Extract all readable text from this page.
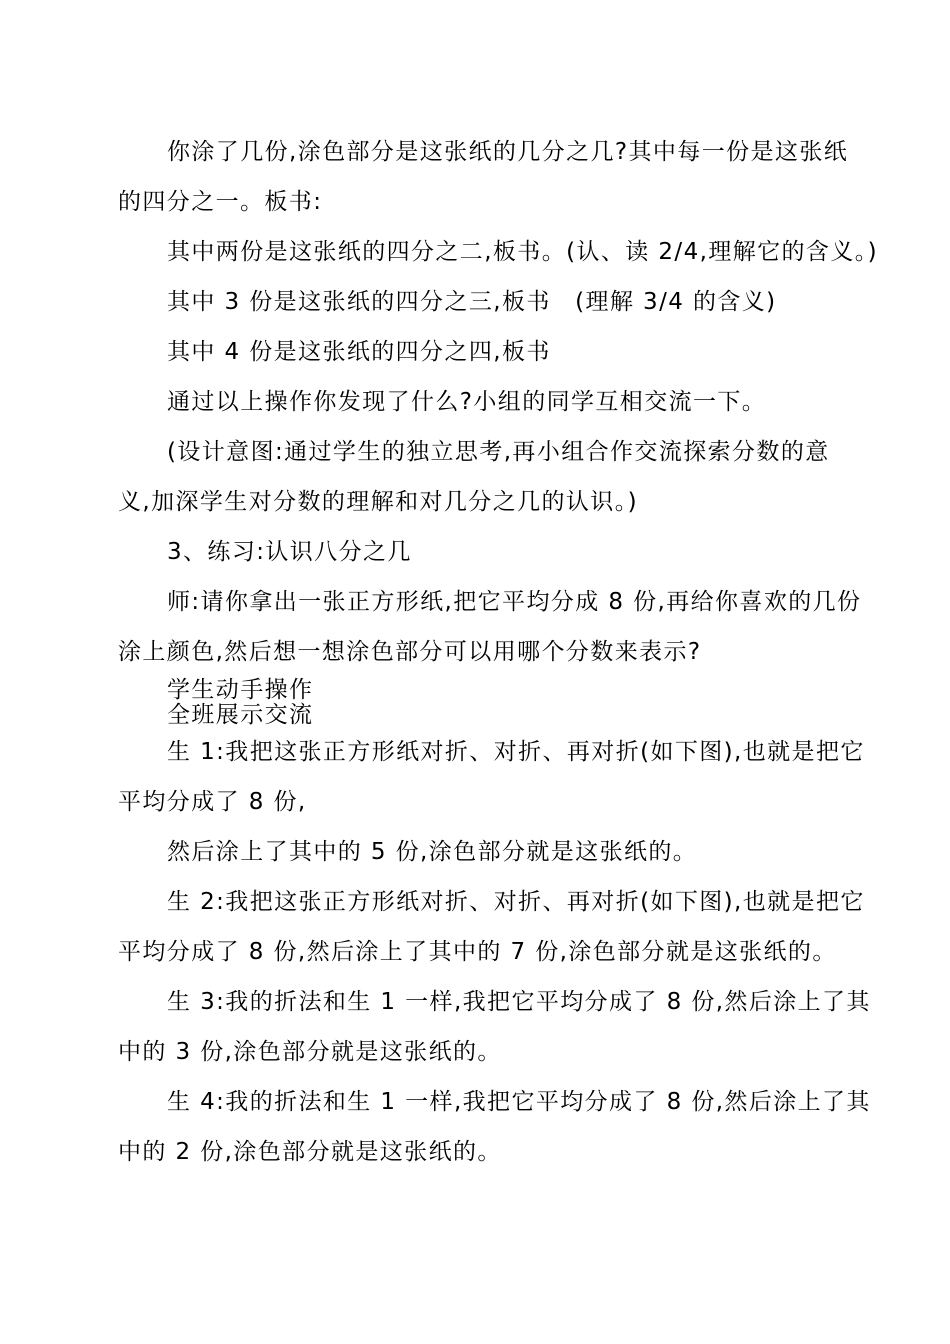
你涂了几份,涂色部分是这张纸的几分之几?其中每一份是这张纸
的四分之一。板书:
其中两份是这张纸的四分之二,板书。(认、读 2/4,理解它的含义。)
其中 3 份是这张纸的四分之三,板书　(理解 3/4 的含义)
其中 4 份是这张纸的四分之四,板书
通过以上操作你发现了什么?小组的同学互相交流一下。
(设计意图:通过学生的独立思考,再小组合作交流探索分数的意
义,加深学生对分数的理解和对几分之几的认识。)
3、练习:认识八分之几
师:请你拿出一张正方形纸,把它平均分成 8 份,再给你喜欢的几份
涂上颜色,然后想一想涂色部分可以用哪个分数来表示?
学生动手操作
全班展示交流
生 1:我把这张正方形纸对折、对折、再对折(如下图),也就是把它
平均分成了 8 份,
然后涂上了其中的 5 份,涂色部分就是这张纸的。
生 2:我把这张正方形纸对折、对折、再对折(如下图),也就是把它
平均分成了 8 份,然后涂上了其中的 7 份,涂色部分就是这张纸的。
生 3:我的折法和生 1 一样,我把它平均分成了 8 份,然后涂上了其
中的 3 份,涂色部分就是这张纸的。
生 4:我的折法和生 1 一样,我把它平均分成了 8 份,然后涂上了其
中的 2 份,涂色部分就是这张纸的。
